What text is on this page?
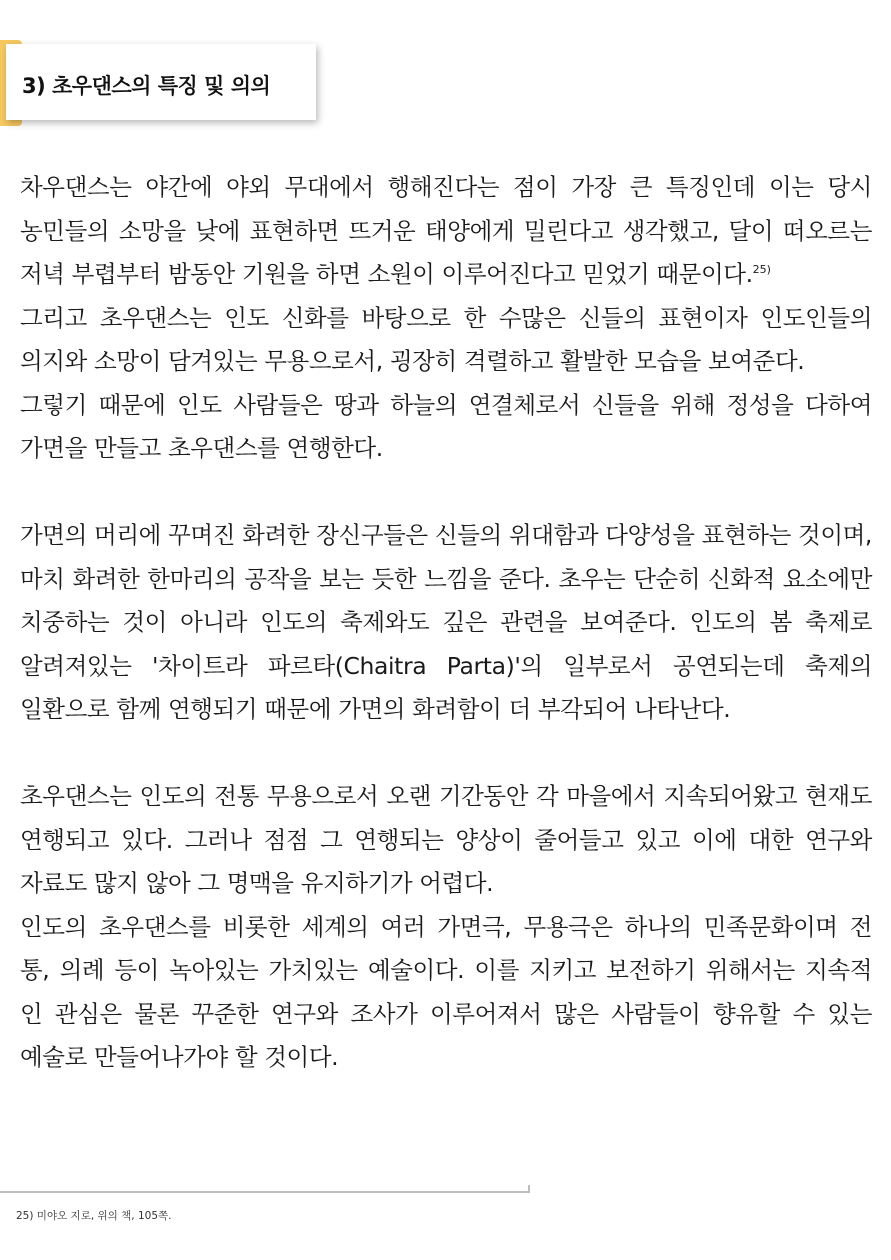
3) 초우댄스의 특징 및 의의

차우댄스는 야간에 야외 무대에서 행해진다는 점이 가장 큰 특징인데 이는 당시
농민들의 소망을 낮에 표현하면 뜨거운 태양에게 밀린다고 생각했고, 달이 떠오르는
저녁 부렵부터 밤동안 기원을 하면 소원이 이루어진다고 믿었기 때문이다.$^{25)}$

그리고 초우댄스는 인도 신화를 바탕으로 한 수많은 신들의 표현이자 인도인들의
의지와 소망이 담겨있는 무용으로서, 굉장히 격렬하고 활발한 모습을 보여준다.

그렇기 때문에 인도 사람들은 땅과 하늘의 연결체로서 신들을 위해 정성을 다하여
가면을 만들고 초우댄스를 연행한다.

가면의 머리에 꾸며진 화려한 장신구들은 신들의 위대함과 다양성을 표현하는 것이며,
마치 화려한 한마리의 공작을 보는 듯한 느낌을 준다. 초우는 단순히 신화적 요소에만
치중하는 것이 아니라 인도의 축제와도 깊은 관련을 보여준다. 인도의 봄 축제로
알려져있는 '차이트라 파르타(Chaitra Parta)'의 일부로서 공연되는데 축제의
일환으로 함께 연행되기 때문에 가면의 화려함이 더 부각되어 나타난다.

초우댄스는 인도의 전통 무용으로서 오랜 기간동안 각 마을에서 지속되어왔고 현재도
연행되고 있다. 그러나 점점 그 연행되는 양상이 줄어들고 있고 이에 대한 연구와
자료도 많지 않아 그 명맥을 유지하기가 어렵다.

인도의 초우댄스를 비롯한 세계의 여러 가면극, 무용극은 하나의 민족문화이며 전
통, 의례 등이 녹아있는 가치있는 예술이다. 이를 지키고 보전하기 위해서는 지속적
인 관심은 물론 꾸준한 연구와 조사가 이루어져서 많은 사람들이 향유할 수 있는
예술로 만들어나가야 할 것이다.

25) 미야오 지로, 위의 책, 105쪽.
